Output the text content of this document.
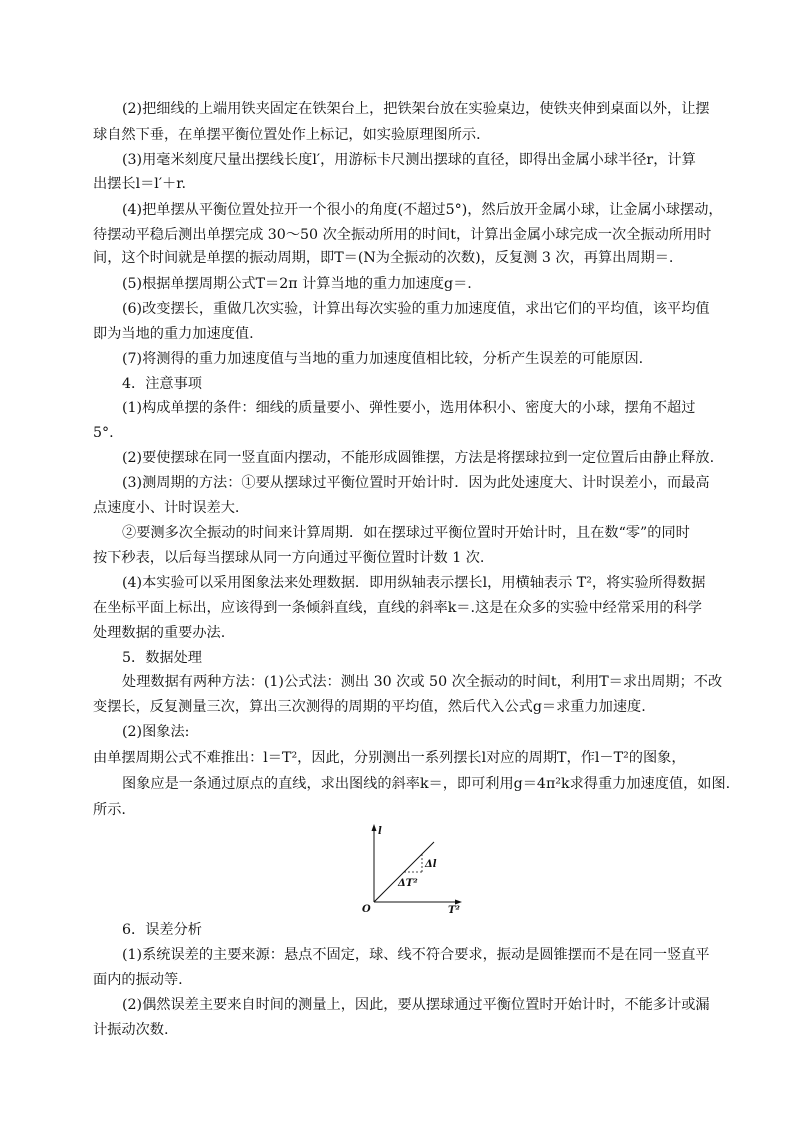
(2)把细线的上端用铁夹固定在铁架台上，把铁架台放在实验桌边，使铁夹伸到桌面以外，让摆
球自然下垂，在单摆平衡位置处作上标记，如实验原理图所示．
(3)用毫米刻度尺量出摆线长度l′，用游标卡尺测出摆球的直径，即得出金属小球半径r，计算
出摆长l＝l′＋r.
(4)把单摆从平衡位置处拉开一个很小的角度(不超过5°)，然后放开金属小球，让金属小球摆动，
待摆动平稳后测出单摆完成 30～50 次全振动所用的时间t，计算出金属小球完成一次全振动所用时
间，这个时间就是单摆的振动周期，即T＝(N为全振动的次数)，反复测 3 次，再算出周期＝.
(5)根据单摆周期公式T＝2π 计算当地的重力加速度g＝.
(6)改变摆长，重做几次实验，计算出每次实验的重力加速度值，求出它们的平均值，该平均值
即为当地的重力加速度值.
(7)将测得的重力加速度值与当地的重力加速度值相比较，分析产生误差的可能原因.
4．注意事项
(1)构成单摆的条件：细线的质量要小、弹性要小，选用体积小、密度大的小球，摆角不超过
5°.
(2)要使摆球在同一竖直面内摆动，不能形成圆锥摆，方法是将摆球拉到一定位置后由静止释放.
(3)测周期的方法：①要从摆球过平衡位置时开始计时．因为此处速度大、计时误差小，而最高
点速度小、计时误差大.
②要测多次全振动的时间来计算周期．如在摆球过平衡位置时开始计时，且在数“零”的同时
按下秒表，以后每当摆球从同一方向通过平衡位置时计数 1 次.
(4)本实验可以采用图象法来处理数据．即用纵轴表示摆长l，用横轴表示 T²，将实验所得数据
在坐标平面上标出，应该得到一条倾斜直线，直线的斜率k＝.这是在众多的实验中经常采用的科学
处理数据的重要办法.
5．数据处理
处理数据有两种方法：(1)公式法：测出 30 次或 50 次全振动的时间t，利用T＝求出周期；不改
变摆长，反复测量三次，算出三次测得的周期的平均值，然后代入公式g＝求重力加速度.
(2)图象法:
由单摆周期公式不难推出：l＝T²，因此，分别测出一系列摆长l对应的周期T，作l－T²的图象，
图象应是一条通过原点的直线，求出图线的斜率k＝，即可利用g＝4π²k求得重力加速度值，如图.
所示.
l
T²
O
Δl
ΔT²
6．误差分析
(1)系统误差的主要来源：悬点不固定，球、线不符合要求，振动是圆锥摆而不是在同一竖直平
面内的振动等.
(2)偶然误差主要来自时间的测量上，因此，要从摆球通过平衡位置时开始计时，不能多计或漏
计振动次数.
